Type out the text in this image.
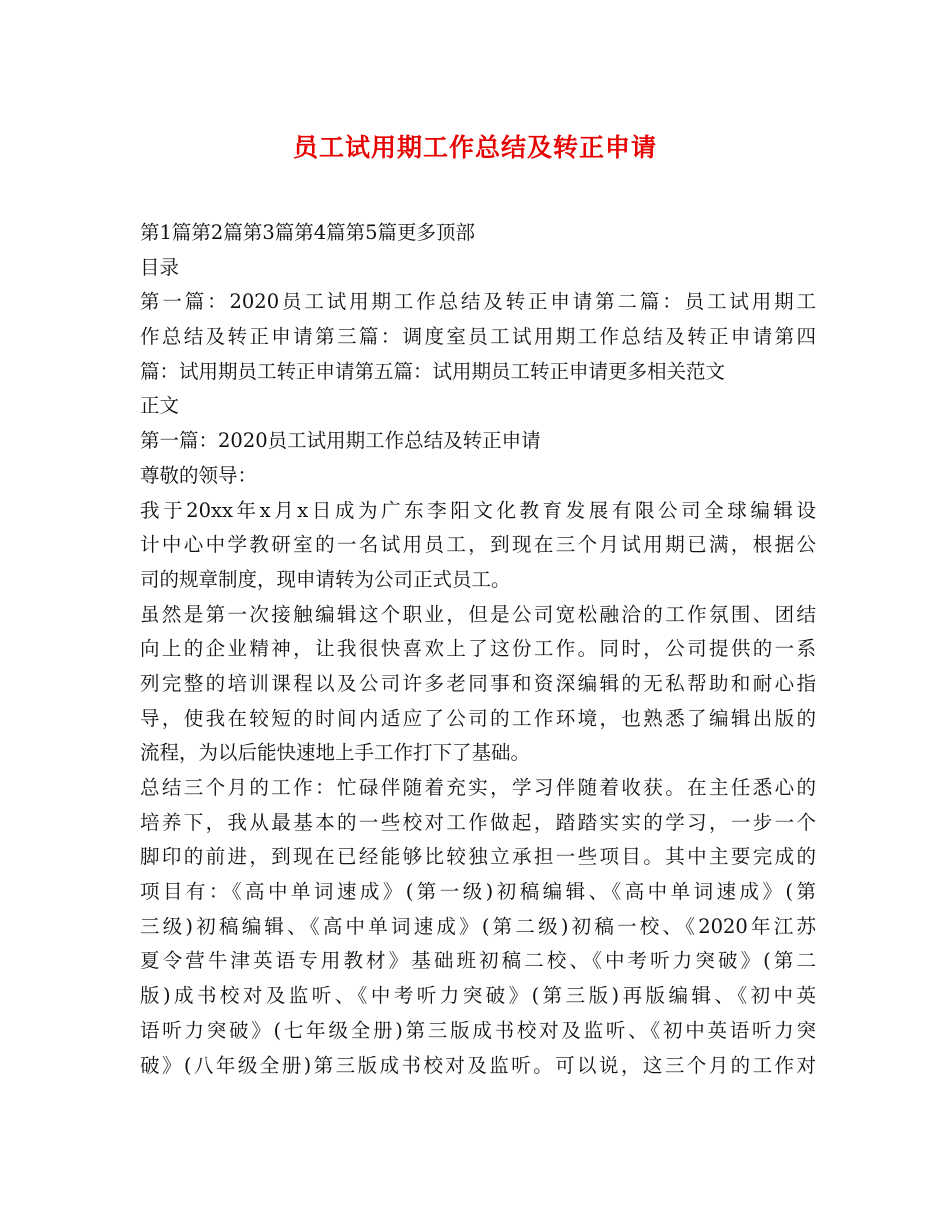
员工试用期工作总结及转正申请
第1篇第2篇第3篇第4篇第5篇更多顶部
目录
第一篇：2020员工试用期工作总结及转正申请第二篇：员工试用期工
作总结及转正申请第三篇：调度室员工试用期工作总结及转正申请第四
篇：试用期员工转正申请第五篇：试用期员工转正申请更多相关范文
正文
第一篇：2020员工试用期工作总结及转正申请
尊敬的领导：
我于20xx年x月x日成为广东李阳文化教育发展有限公司全球编辑设
计中心中学教研室的一名试用员工，到现在三个月试用期已满，根据公
司的规章制度，现申请转为公司正式员工。
虽然是第一次接触编辑这个职业，但是公司宽松融洽的工作氛围、团结
向上的企业精神，让我很快喜欢上了这份工作。同时，公司提供的一系
列完整的培训课程以及公司许多老同事和资深编辑的无私帮助和耐心指
导，使我在较短的时间内适应了公司的工作环境，也熟悉了编辑出版的
流程，为以后能快速地上手工作打下了基础。
总结三个月的工作：忙碌伴随着充实，学习伴随着收获。在主任悉心的
培养下，我从最基本的一些校对工作做起，踏踏实实的学习，一步一个
脚印的前进，到现在已经能够比较独立承担一些项目。其中主要完成的
项目有：《高中单词速成》(第一级)初稿编辑、《高中单词速成》(第
三级)初稿编辑、《高中单词速成》(第二级)初稿一校、《2020年江苏
夏令营牛津英语专用教材》基础班初稿二校、《中考听力突破》(第二
版)成书校对及监听、《中考听力突破》(第三版)再版编辑、《初中英
语听力突破》(七年级全册)第三版成书校对及监听、《初中英语听力突
破》(八年级全册)第三版成书校对及监听。可以说，这三个月的工作对
